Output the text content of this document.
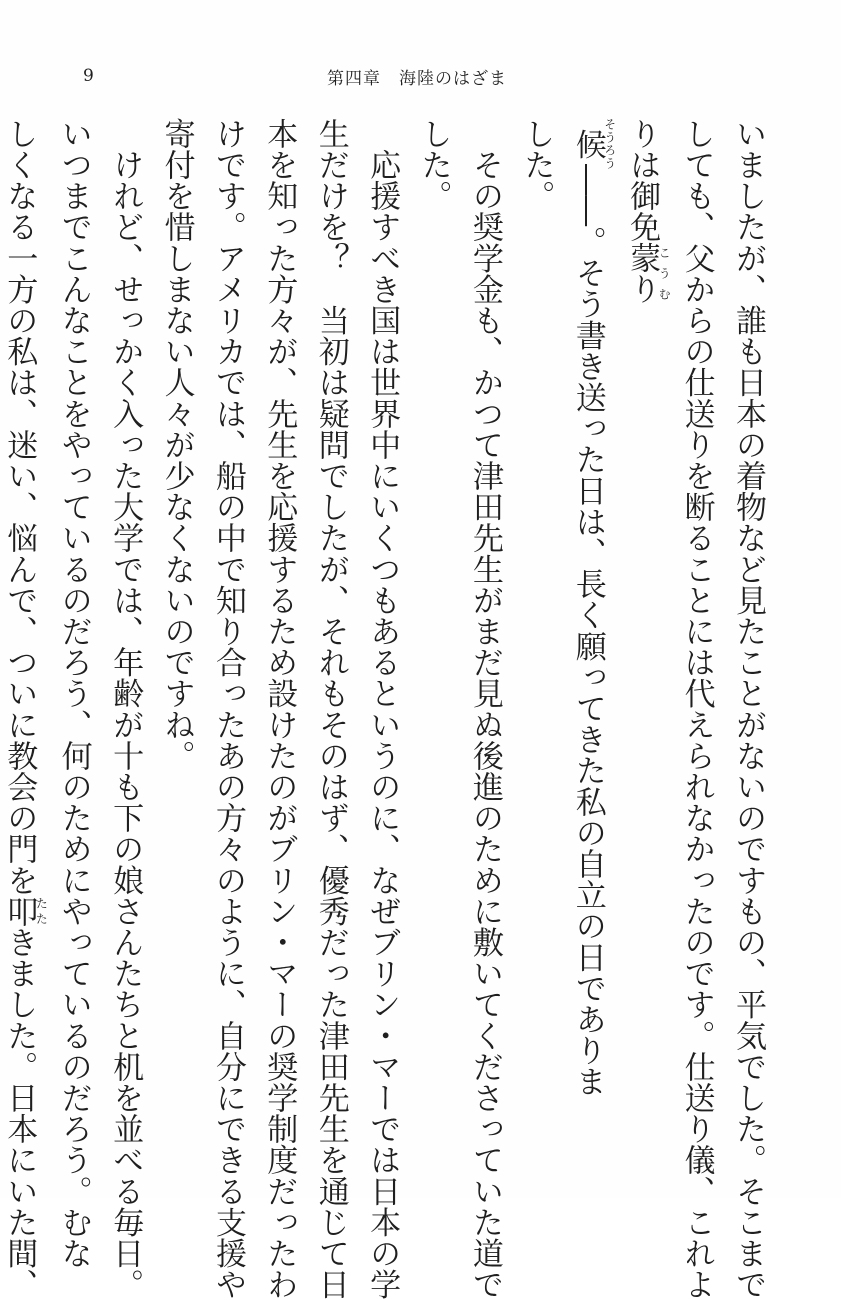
9	第四章　海陸のはざま
いましたが、誰も日本の着物など見たことがないのですもの、平気でした。そこまで
しても、父からの仕送りを断ることには代えられなかったのです。仕送り儀、これよ
りは御免蒙りこうむ
候そうろう――。そう書き送った日は、長く願ってきた私の自立の日でありま
した。
　その奨学金も、かつて津田先生がまだ見ぬ後進のために敷いてくださっていた道で
した。
　応援すべき国は世界中にいくつもあるというのに、なぜブリン・マーでは日本の学
生だけを？　当初は疑問でしたが、それもそのはず、優秀だった津田先生を通じて日
本を知った方々が、先生を応援するため設けたのがブリン・マーの奨学制度だったわ
けです。アメリカでは、船の中で知り合ったあの方々のように、自分にできる支援や
寄付を惜しまない人々が少なくないのですね。
　けれど、せっかく入った大学では、年齢が十も下の娘さんたちと机を並べる毎日。
いつまでこんなことをやっているのだろう、何のためにやっているのだろう。むな
しくなる一方の私は、迷い、悩んで、ついに教会の門を叩たたきました。日本にいた間、
